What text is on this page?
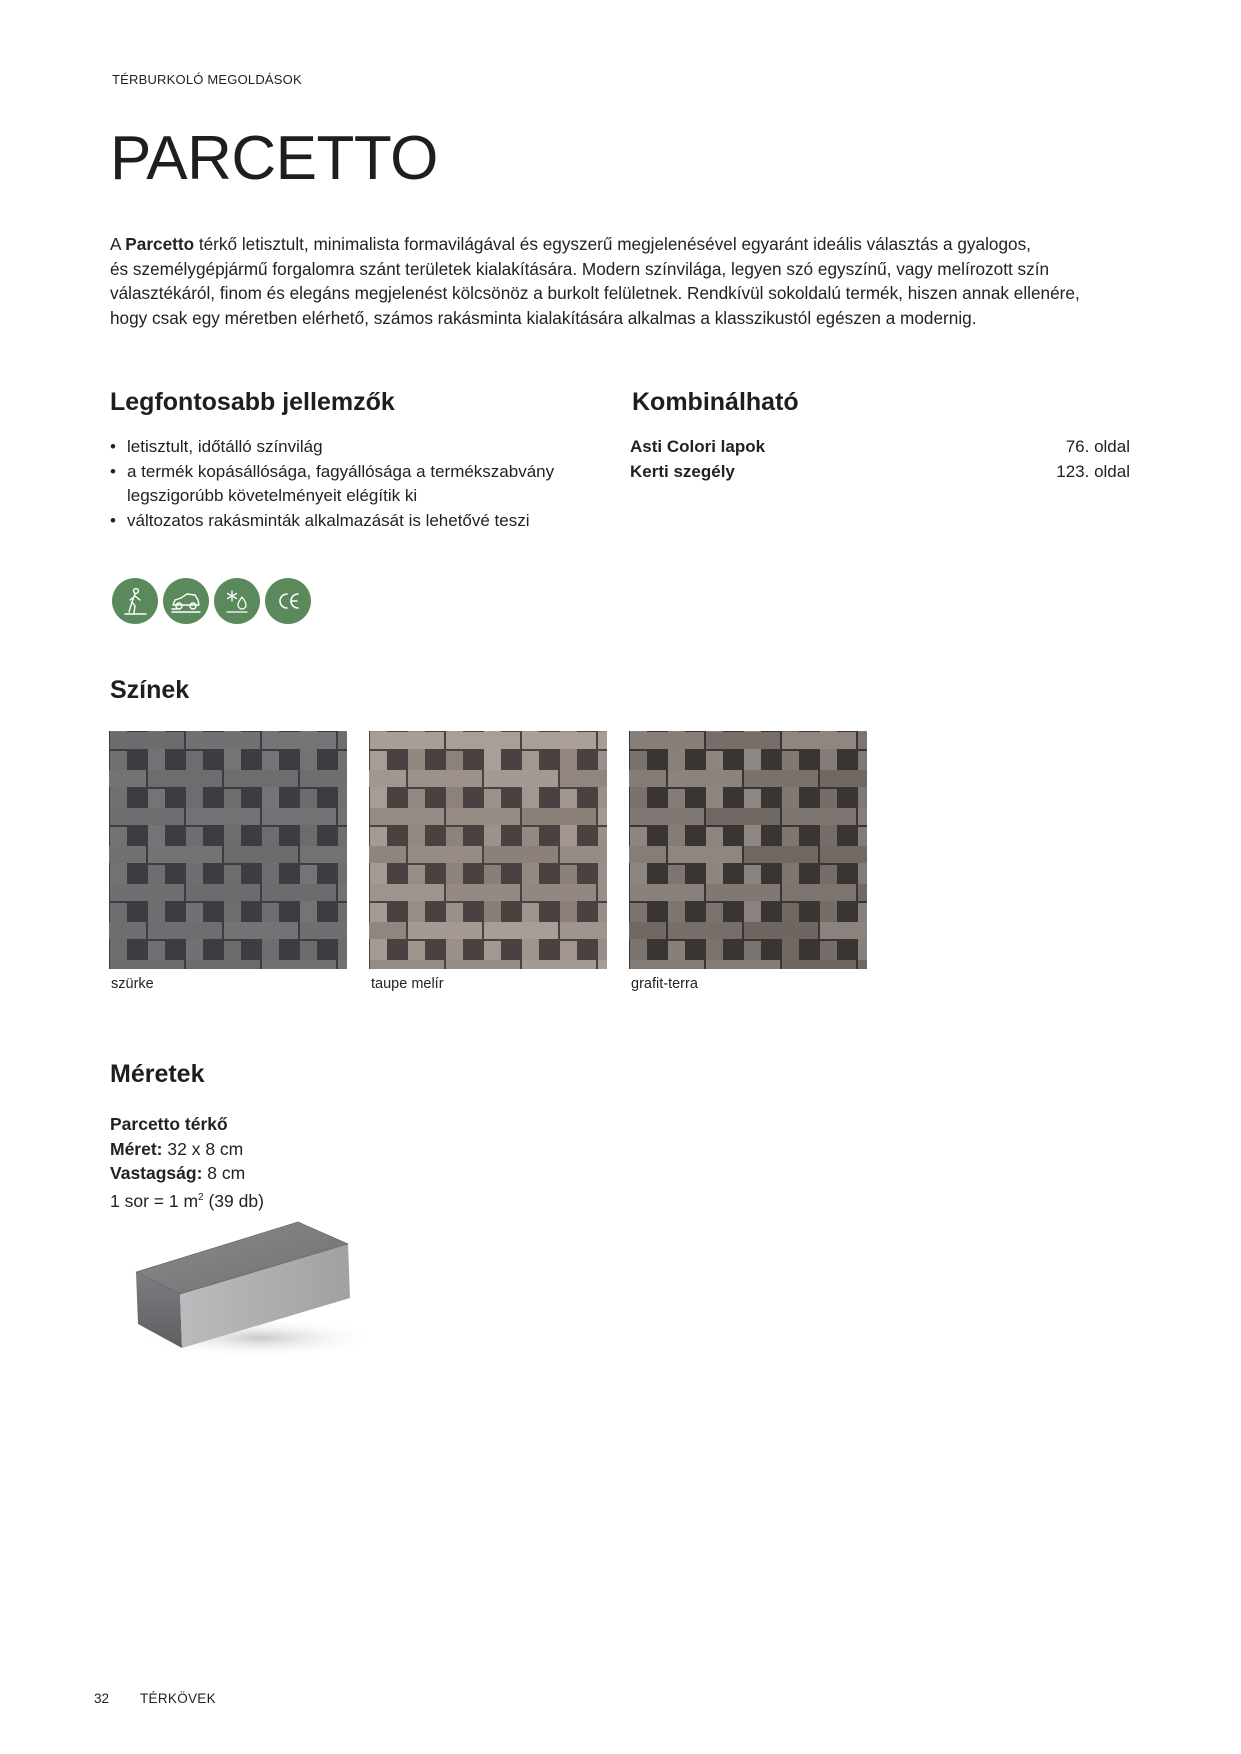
TÉRBURKOLÓ MEGOLDÁSOK
PARCETTO

A Parcetto térkő letisztult, minimalista formavilágával és egyszerű megjelenésével egyaránt ideális választás a gyalogos,
és személygépjármű forgalomra szánt területek kialakítására. Modern színvilága, legyen szó egyszínű, vagy melírozott szín
választékáról, finom és elegáns megjelenést kölcsönöz a burkolt felületnek. Rendkívül sokoldalú termék, hiszen annak ellenére,
hogy csak egy méretben elérhető, számos rakásminta kialakítására alkalmas a klasszikustól egészen a modernig.

Legfontosabb jellemzők
• letisztult, időtálló színvilág
• a termék kopásállósága, fagyállósága a termékszabvány legszigorúbb követelményeit elégítik ki
• változatos rakásminták alkalmazását is lehetővé teszi
Kombinálható
Asti Colori lapok	76. oldal
Kerti szegély	123. oldal
Színek
szürke	taupe melír	grafit-terra
Méretek
Parcetto térkő
Méret: 32 x 8 cm
Vastagság: 8 cm
1 sor = 1 $m^2$ (39 db)
32 TÉRKÖVEK
